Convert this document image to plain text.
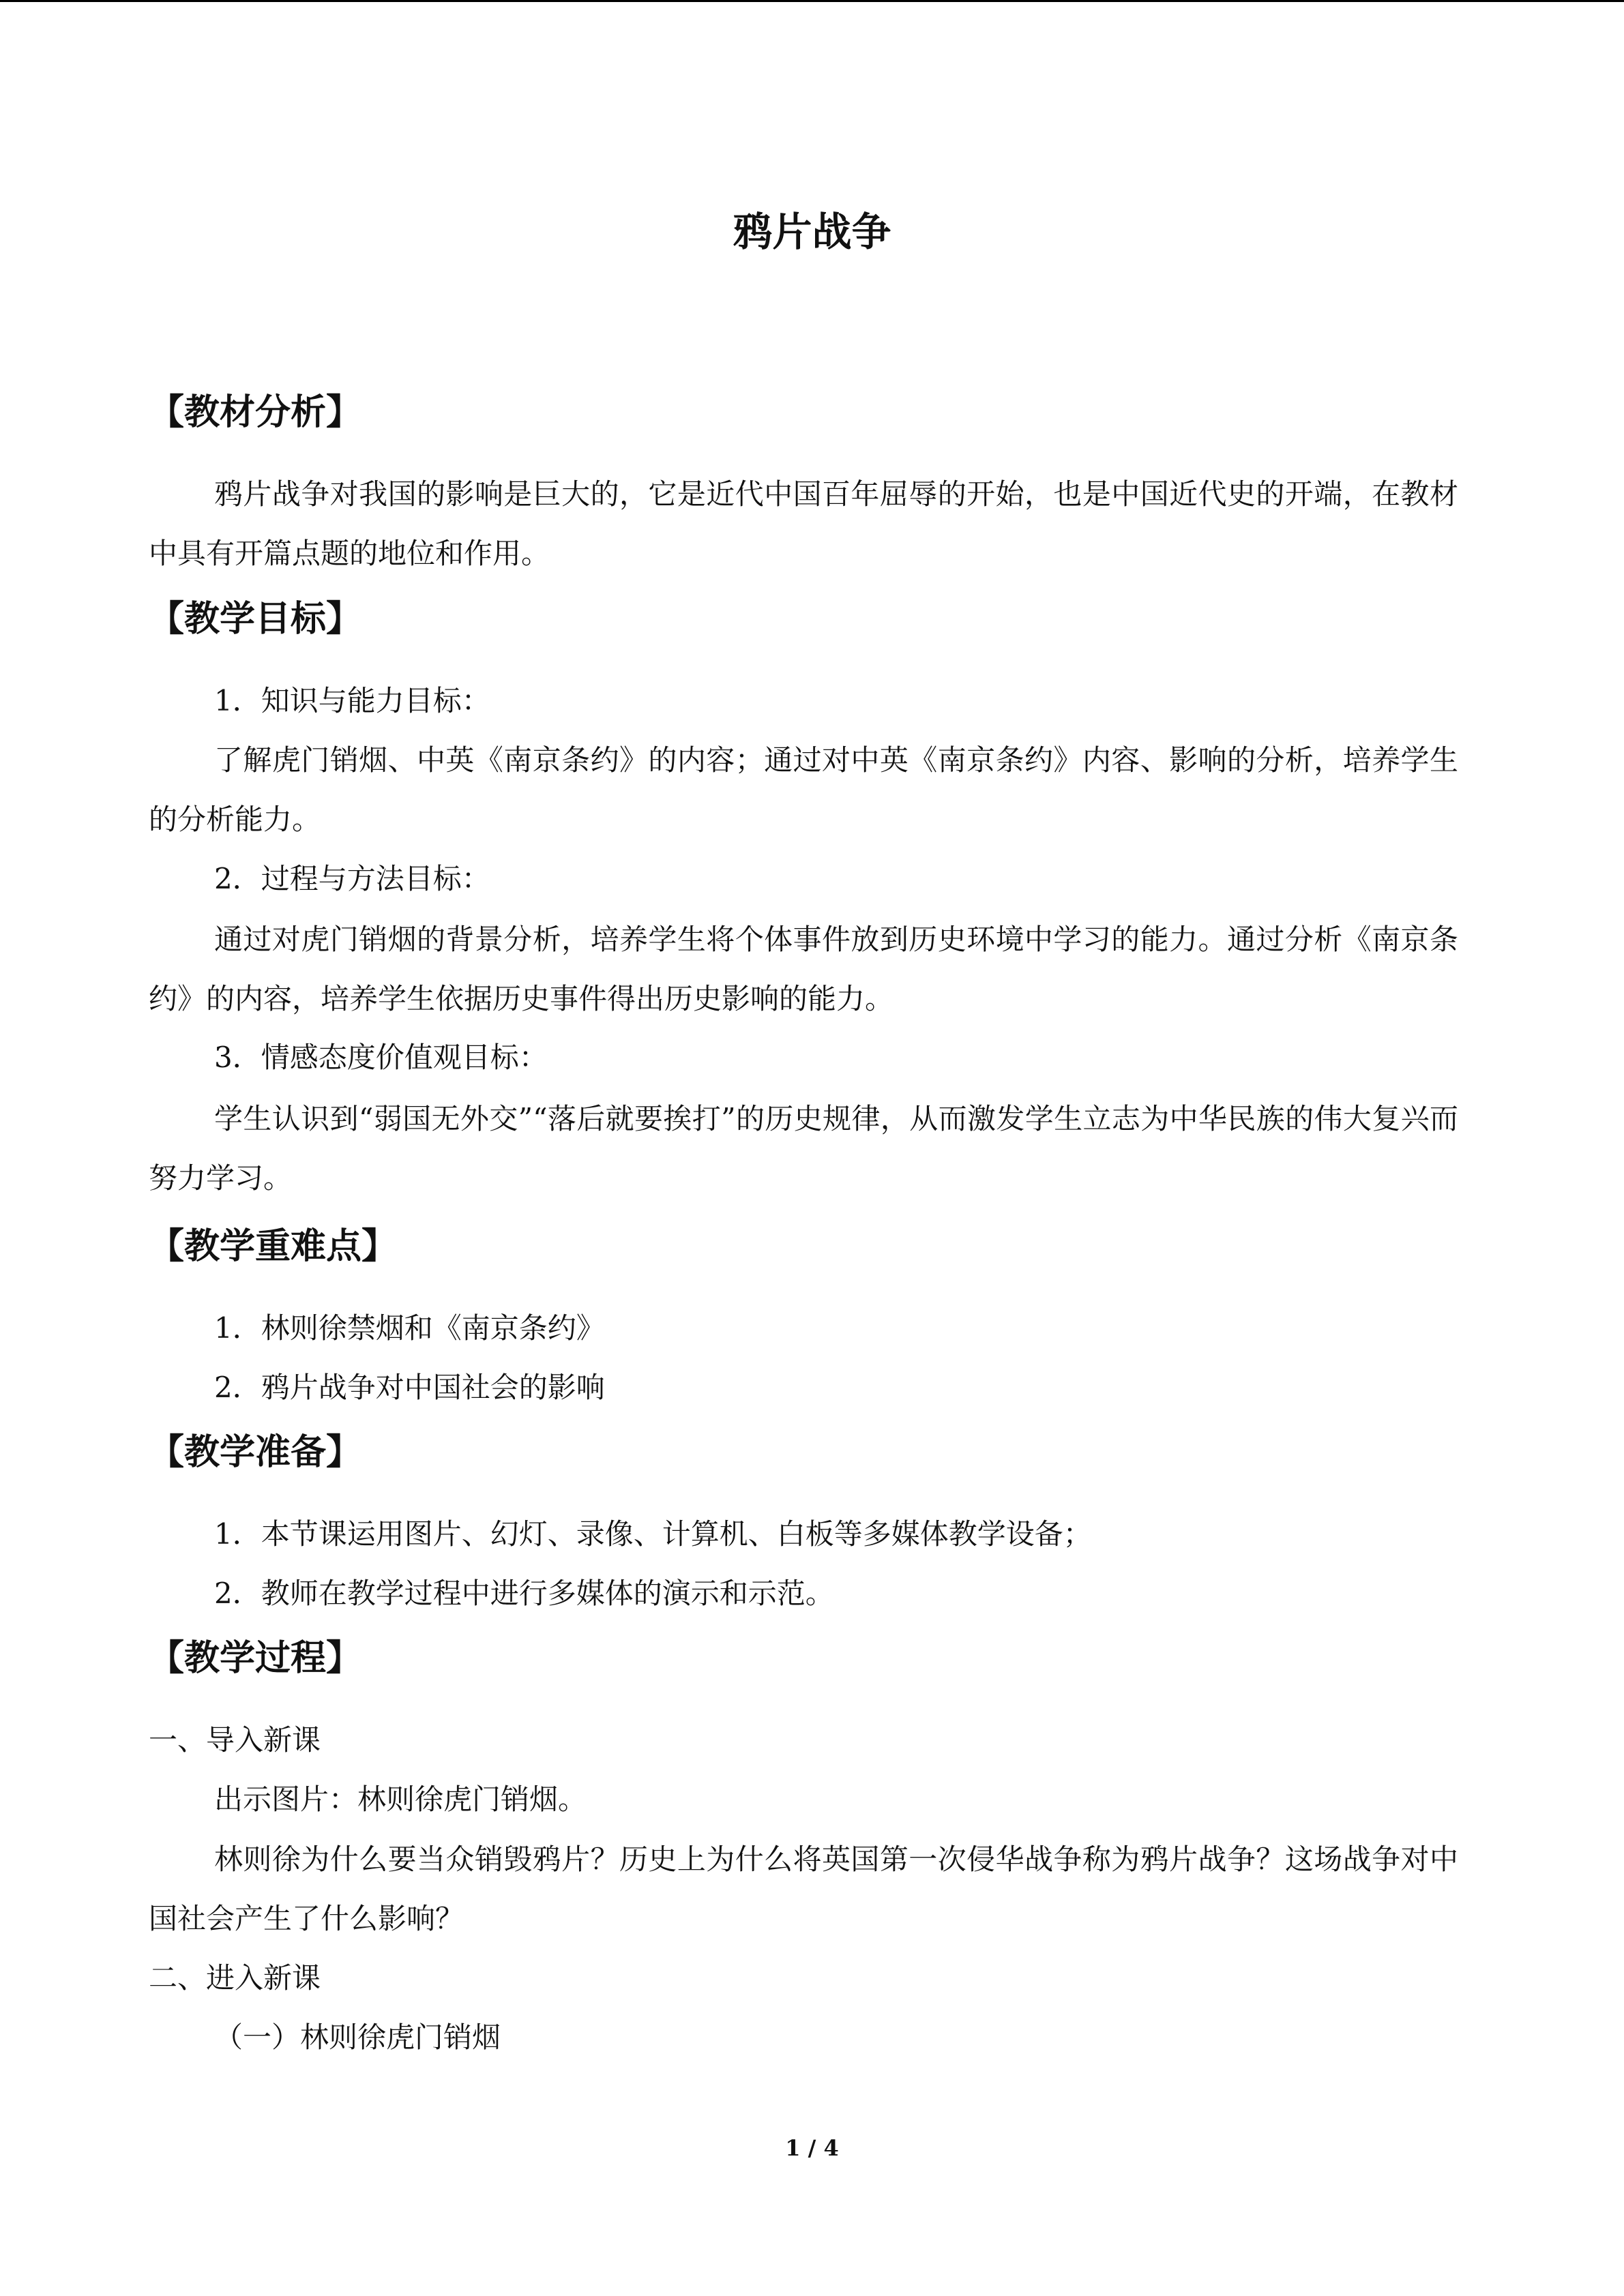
鸦片战争
【教材分析】
鸦片战争对我国的影响是巨大的，它是近代中国百年屈辱的开始，也是中国近代史的开端，在教材中具有开篇点题的地位和作用。
【教学目标】
1．知识与能力目标：
了解虎门销烟、中英《南京条约》的内容；通过对中英《南京条约》内容、影响的分析，培养学生的分析能力。
2．过程与方法目标：
通过对虎门销烟的背景分析，培养学生将个体事件放到历史环境中学习的能力。通过分析《南京条约》的内容，培养学生依据历史事件得出历史影响的能力。
3．情感态度价值观目标：
学生认识到“弱国无外交”“落后就要挨打”的历史规律，从而激发学生立志为中华民族的伟大复兴而努力学习。
【教学重难点】
1．林则徐禁烟和《南京条约》
2．鸦片战争对中国社会的影响
【教学准备】
1．本节课运用图片、幻灯、录像、计算机、白板等多媒体教学设备；
2．教师在教学过程中进行多媒体的演示和示范。
【教学过程】
一、导入新课
出示图片：林则徐虎门销烟。
林则徐为什么要当众销毁鸦片？历史上为什么将英国第一次侵华战争称为鸦片战争？这场战争对中国社会产生了什么影响？
二、进入新课
（一）林则徐虎门销烟
1 / 4
